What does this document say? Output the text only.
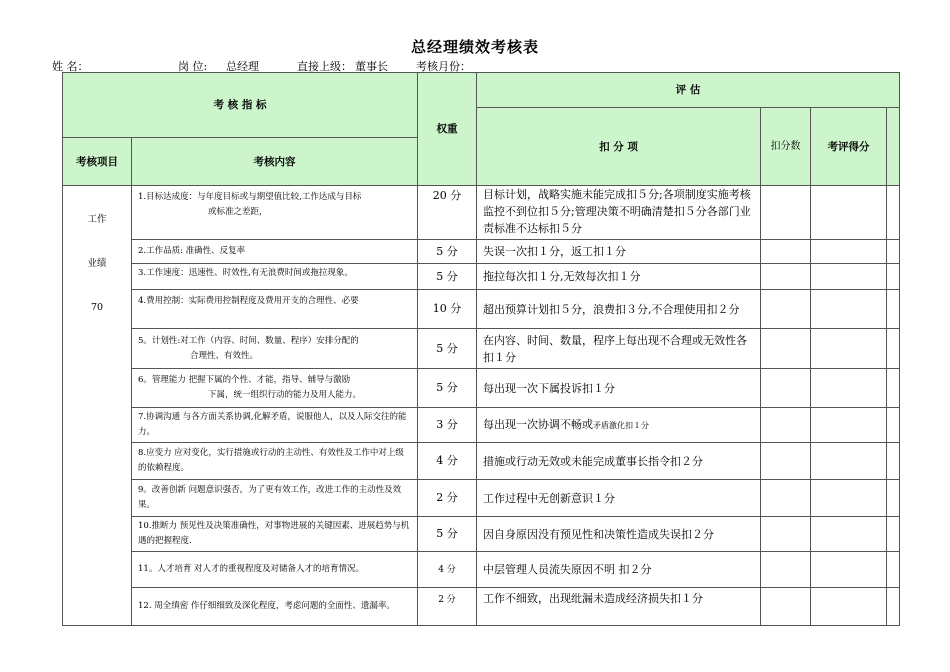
总经理绩效考核表
姓 名：	岗 位: 总经理	直接上级： 董事长	考核月份：
考 核 指 标		权重	评 估			
			扣 分 项	扣分数	考评得分	
考核项目	考核内容					

工作
业绩
70	1.目标达成度：与年度目标或与期望值比较,工作达成与目标
或标准之差距，	20 分	目标计划，战略实施未能完成扣５分;各项制度实施考核监控不到位扣５分;管理决策不明确清楚扣５分各部门业责标准不达标扣５分			
	2.工作品质: 准确性、反复率	5 分	失误一次扣１分，返工扣１分			
	3.工作速度：迅速性、时效性,有无浪费时间或拖拉现象。	5 分	拖拉每次扣１分,无效每次扣１分			
	4.费用控制：实际费用控制程度及费用开支的合理性、必要	10 分	超出预算计划扣５分，浪费扣３分,不合理使用扣２分			

	5。计划性:对工作（内容、时间、数量、程序）安排分配的
合理性、有效性。	5 分	在内容、时间、数量，程序上每出现不合理或无效性各扣１分			

	6。管理能力 把握下属的个性、才能，指导、辅导与激励
下属，统一组织行动的能力及用人能力。	5 分	每出现一次下属投诉扣１分			
	7.协调沟通 与各方面关系协调,化解矛盾，说服他人，以及人际交往的能力。	3 分	每出现一次协调不畅或矛盾激化扣１分			
	8.应变力 应对变化，实行措施或行动的主动性、有效性及工作中对上级的依赖程度。	4 分	措施或行动无效或未能完成董事长指令扣２分			
	9。改善创新 问题意识强否，为了更有效工作，改进工作的主动性及效果。	2 分	工作过程中无创新意识１分			
	10.推断力 预见性及决策准确性，对事物进展的关键因素、进展趋势与机遇的把握程度.	5 分	因自身原因没有预见性和决策性造成失误扣２分			
	11。人才培育 对人才的重视程度及对储备人才的培育情况。	4 分	中层管理人员流失原因不明 扣２分			
	12. 周全缜密 作仔细细致及深化程度，考虑问题的全面性、遗漏率。	2 分	工作不细致，出现纰漏未造成经济损失扣１分			
